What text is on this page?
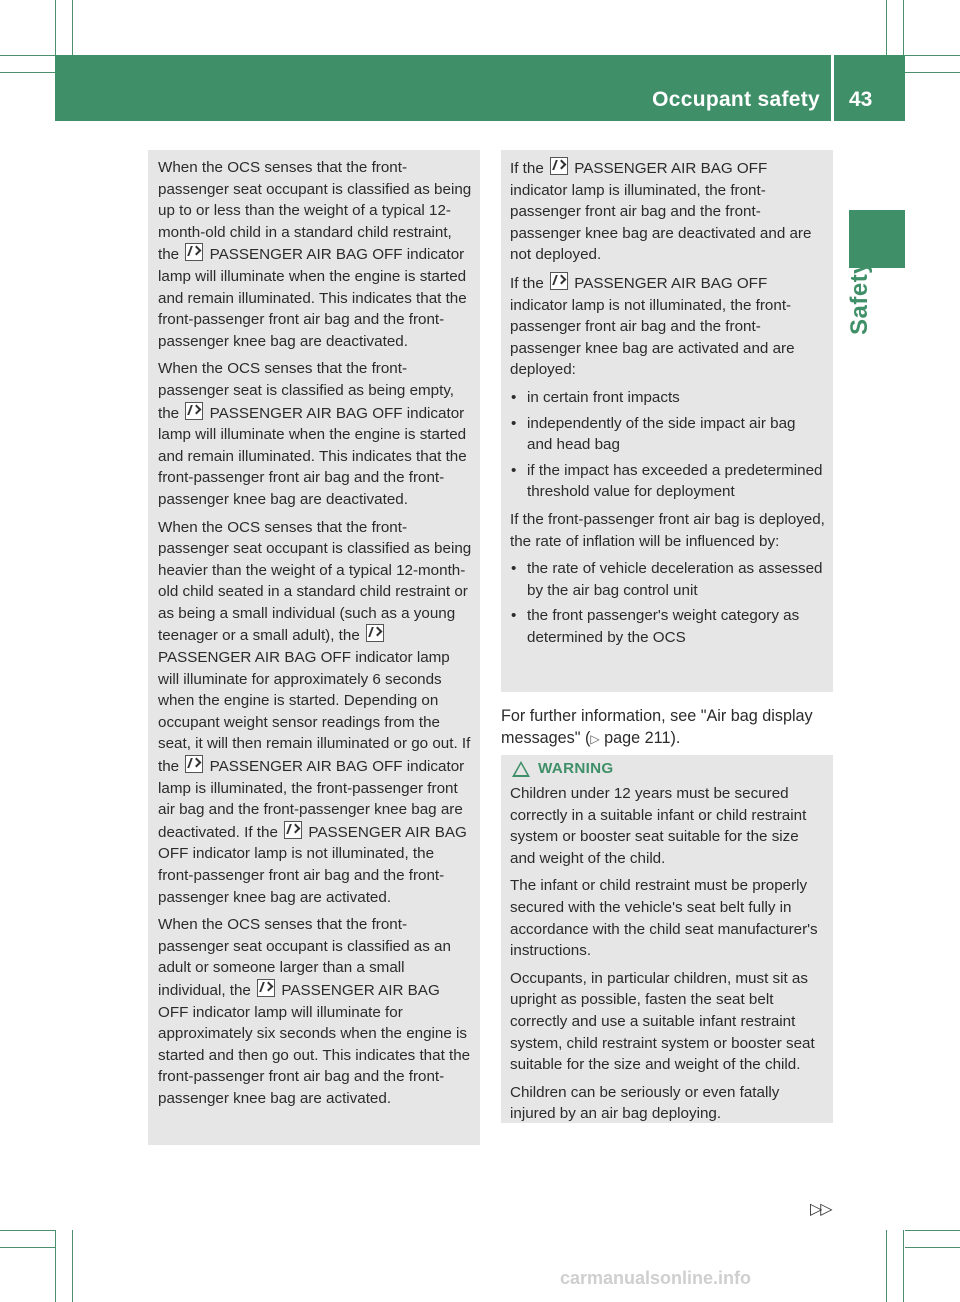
Occupant safety 43
Safety

When the OCS senses that the front-passenger seat occupant is classified as being up to or less than the weight of a typical 12-month-old child in a standard child restraint, the PASSENGER AIR BAG OFF indicator lamp will illuminate when the engine is started and remain illuminated. This indicates that the front-passenger front air bag and the front-passenger knee bag are deactivated.

When the OCS senses that the front-passenger seat is classified as being empty, the PASSENGER AIR BAG OFF indicator lamp will illuminate when the engine is started and remain illuminated. This indicates that the front-passenger front air bag and the front-passenger knee bag are deactivated.

When the OCS senses that the front-passenger seat occupant is classified as being heavier than the weight of a typical 12-month-old child seated in a standard child restraint or as being a small individual (such as a young teenager or a small adult), the  PASSENGER AIR BAG OFF indicator lamp will illuminate for approximately 6 seconds when the engine is started. Depending on occupant weight sensor readings from the seat, it will then remain illuminated or go out. If the PASSENGER AIR BAG OFF indicator lamp is illuminated, the front-passenger front air bag and the front-passenger knee bag are deactivated. If the PASSENGER AIR BAG OFF indicator lamp is not illuminated, the front-passenger front air bag and the front-passenger knee bag are activated.

When the OCS senses that the front-passenger seat occupant is classified as an adult or someone larger than a small individual, the PASSENGER AIR BAG OFF indicator lamp will illuminate for approximately six seconds when the engine is started and then go out. This indicates that the front-passenger front air bag and the front-passenger knee bag are activated.

If the PASSENGER AIR BAG OFF indicator lamp is illuminated, the front-passenger front air bag and the front-passenger knee bag are deactivated and are not deployed.

If the PASSENGER AIR BAG OFF indicator lamp is not illuminated, the front-passenger front air bag and the front-passenger knee bag are activated and are deployed:

• in certain front impacts
• independently of the side impact air bag and head bag
• if the impact has exceeded a predetermined threshold value for deployment

If the front-passenger front air bag is deployed, the rate of inflation will be influenced by:

• the rate of vehicle deceleration as assessed by the air bag control unit
• the front passenger's weight category as determined by the OCS

For further information, see "Air bag display messages" (▷ page 211).

WARNING

Children under 12 years must be secured correctly in a suitable infant or child restraint system or booster seat suitable for the size and weight of the child.

The infant or child restraint must be properly secured with the vehicle's seat belt fully in accordance with the child seat manufacturer's instructions.

Occupants, in particular children, must sit as upright as possible, fasten the seat belt correctly and use a suitable infant restraint system, child restraint system or booster seat suitable for the size and weight of the child.

Children can be seriously or even fatally injured by an air bag deploying.

▷▷
carmanualsonline.info
